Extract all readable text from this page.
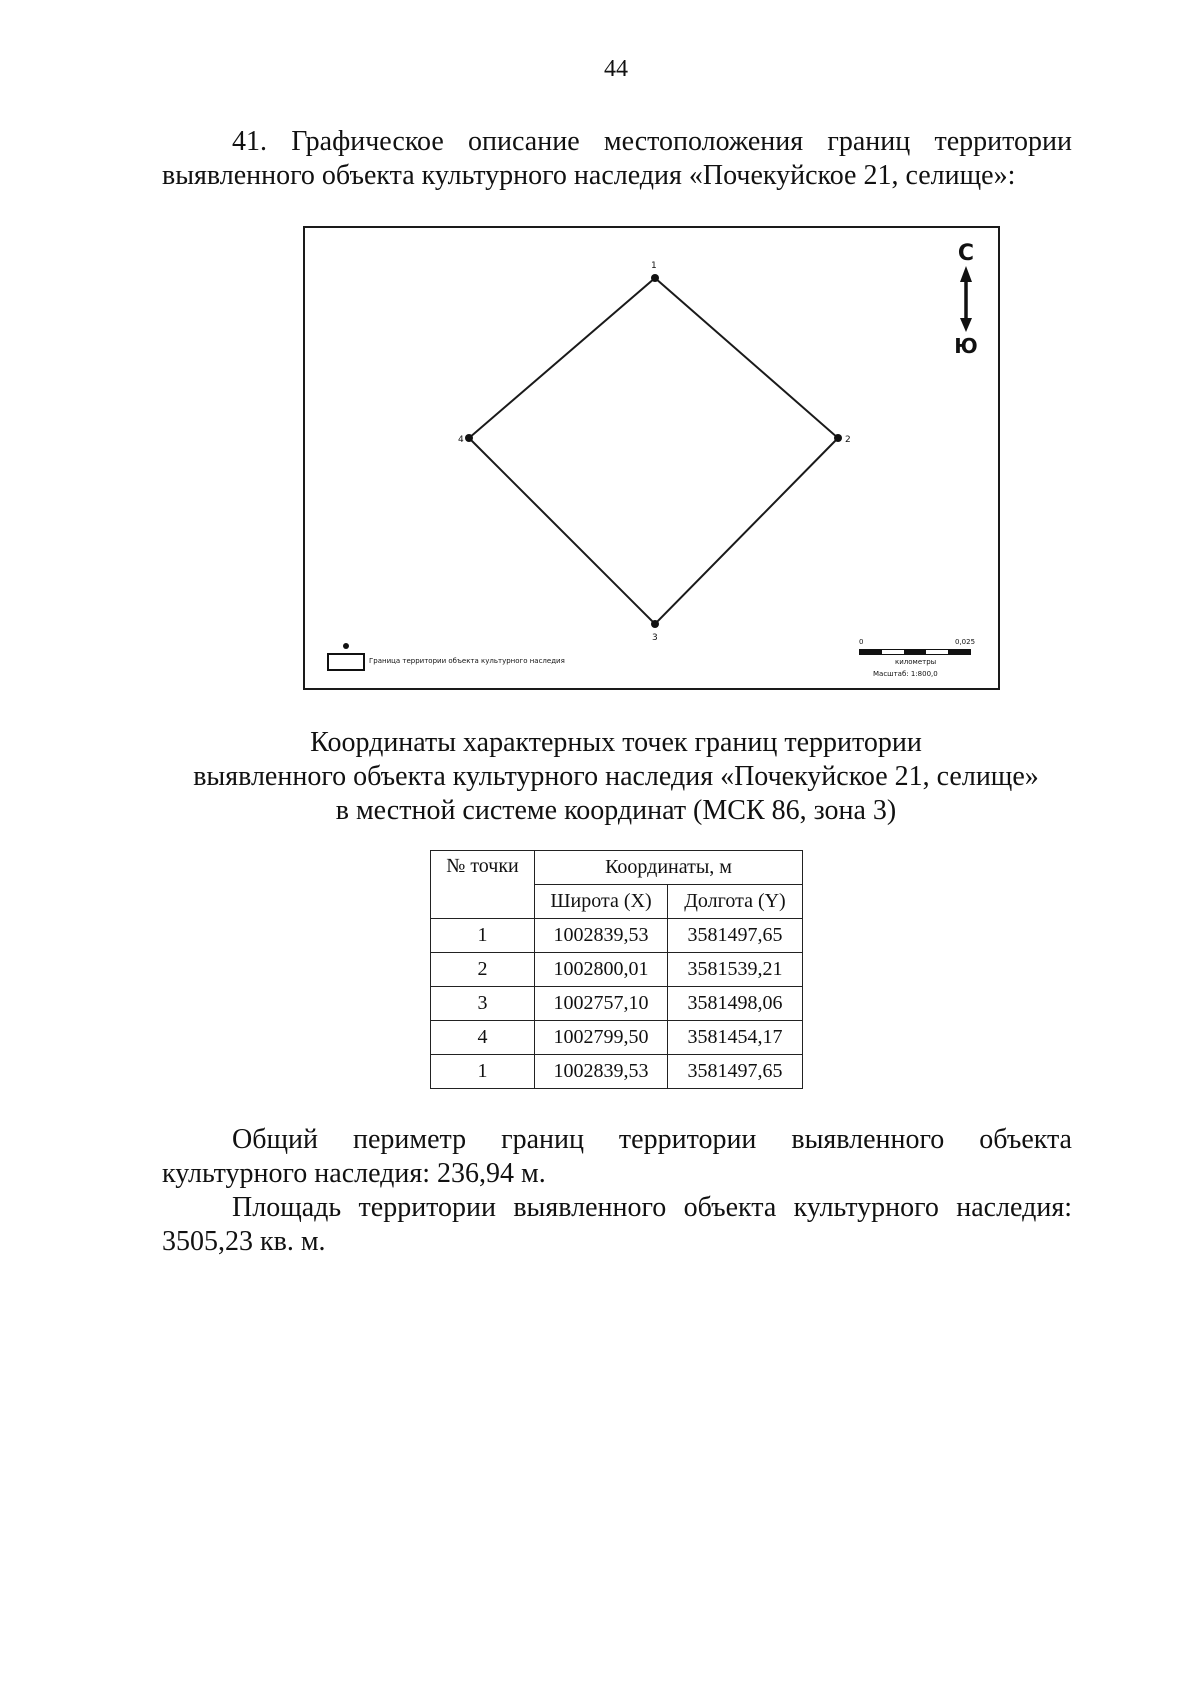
44
41. Графическое описание местоположения границ территории выявленного объекта культурного наследия «Почекуйское 21, селище»:
1
2
3
4
С
Ю
Граница территории объекта культурного наследия
0	0,025
километры
Масштаб: 1:800,0
Координаты характерных точек границ территории
выявленного объекта культурного наследия «Почекуйское 21, селище»
в местной системе координат (МСК 86, зона 3)
№ точки	Координаты, м	
	Широта (X)	Долгота (Y)
1	1002839,53	3581497,65
2	1002800,01	3581539,21
3	1002757,10	3581498,06
4	1002799,50	3581454,17
1	1002839,53	3581497,65

Общий периметр границ территории выявленного объекта культурного наследия: 236,94 м.

Площадь территории выявленного объекта культурного наследия: 3505,23 кв. м.
